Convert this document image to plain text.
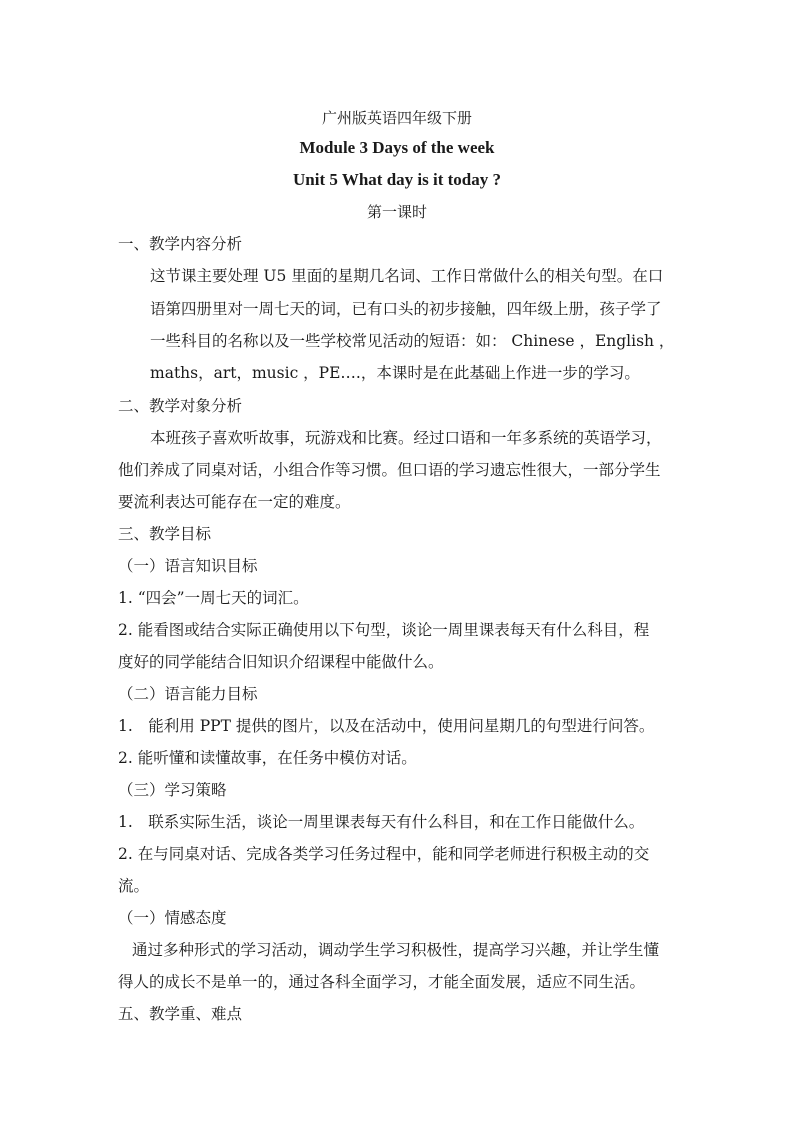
广州版英语四年级下册
Module 3 Days of the week
Unit 5 What day is it today ?
第一课时
一、教学内容分析
这节课主要处理 U5 里面的星期几名词、工作日常做什么的相关句型。在口
语第四册里对一周七天的词，已有口头的初步接触，四年级上册，孩子学了
一些科目的名称以及一些学校常见活动的短语：如： Chinese ，English ，
maths，art，music ，PE….，本课时是在此基础上作进一步的学习。
二、教学对象分析
本班孩子喜欢听故事，玩游戏和比赛。经过口语和一年多系统的英语学习，
他们养成了同桌对话，小组合作等习惯。但口语的学习遗忘性很大，一部分学生
要流利表达可能存在一定的难度。
三、教学目标
（一）语言知识目标
1. “四会”一周七天的词汇。
2. 能看图或结合实际正确使用以下句型，谈论一周里课表每天有什么科目，程
度好的同学能结合旧知识介绍课程中能做什么。
（二）语言能力目标
1.　能利用 PPT 提供的图片，以及在活动中，使用问星期几的句型进行问答。
2. 能听懂和读懂故事，在任务中模仿对话。
（三）学习策略
1.　联系实际生活，谈论一周里课表每天有什么科目，和在工作日能做什么。
2. 在与同桌对话、完成各类学习任务过程中，能和同学老师进行积极主动的交
流。
（一）情感态度
通过多种形式的学习活动，调动学生学习积极性，提高学习兴趣，并让学生懂
得人的成长不是单一的，通过各科全面学习，才能全面发展，适应不同生活。
五、教学重、难点
